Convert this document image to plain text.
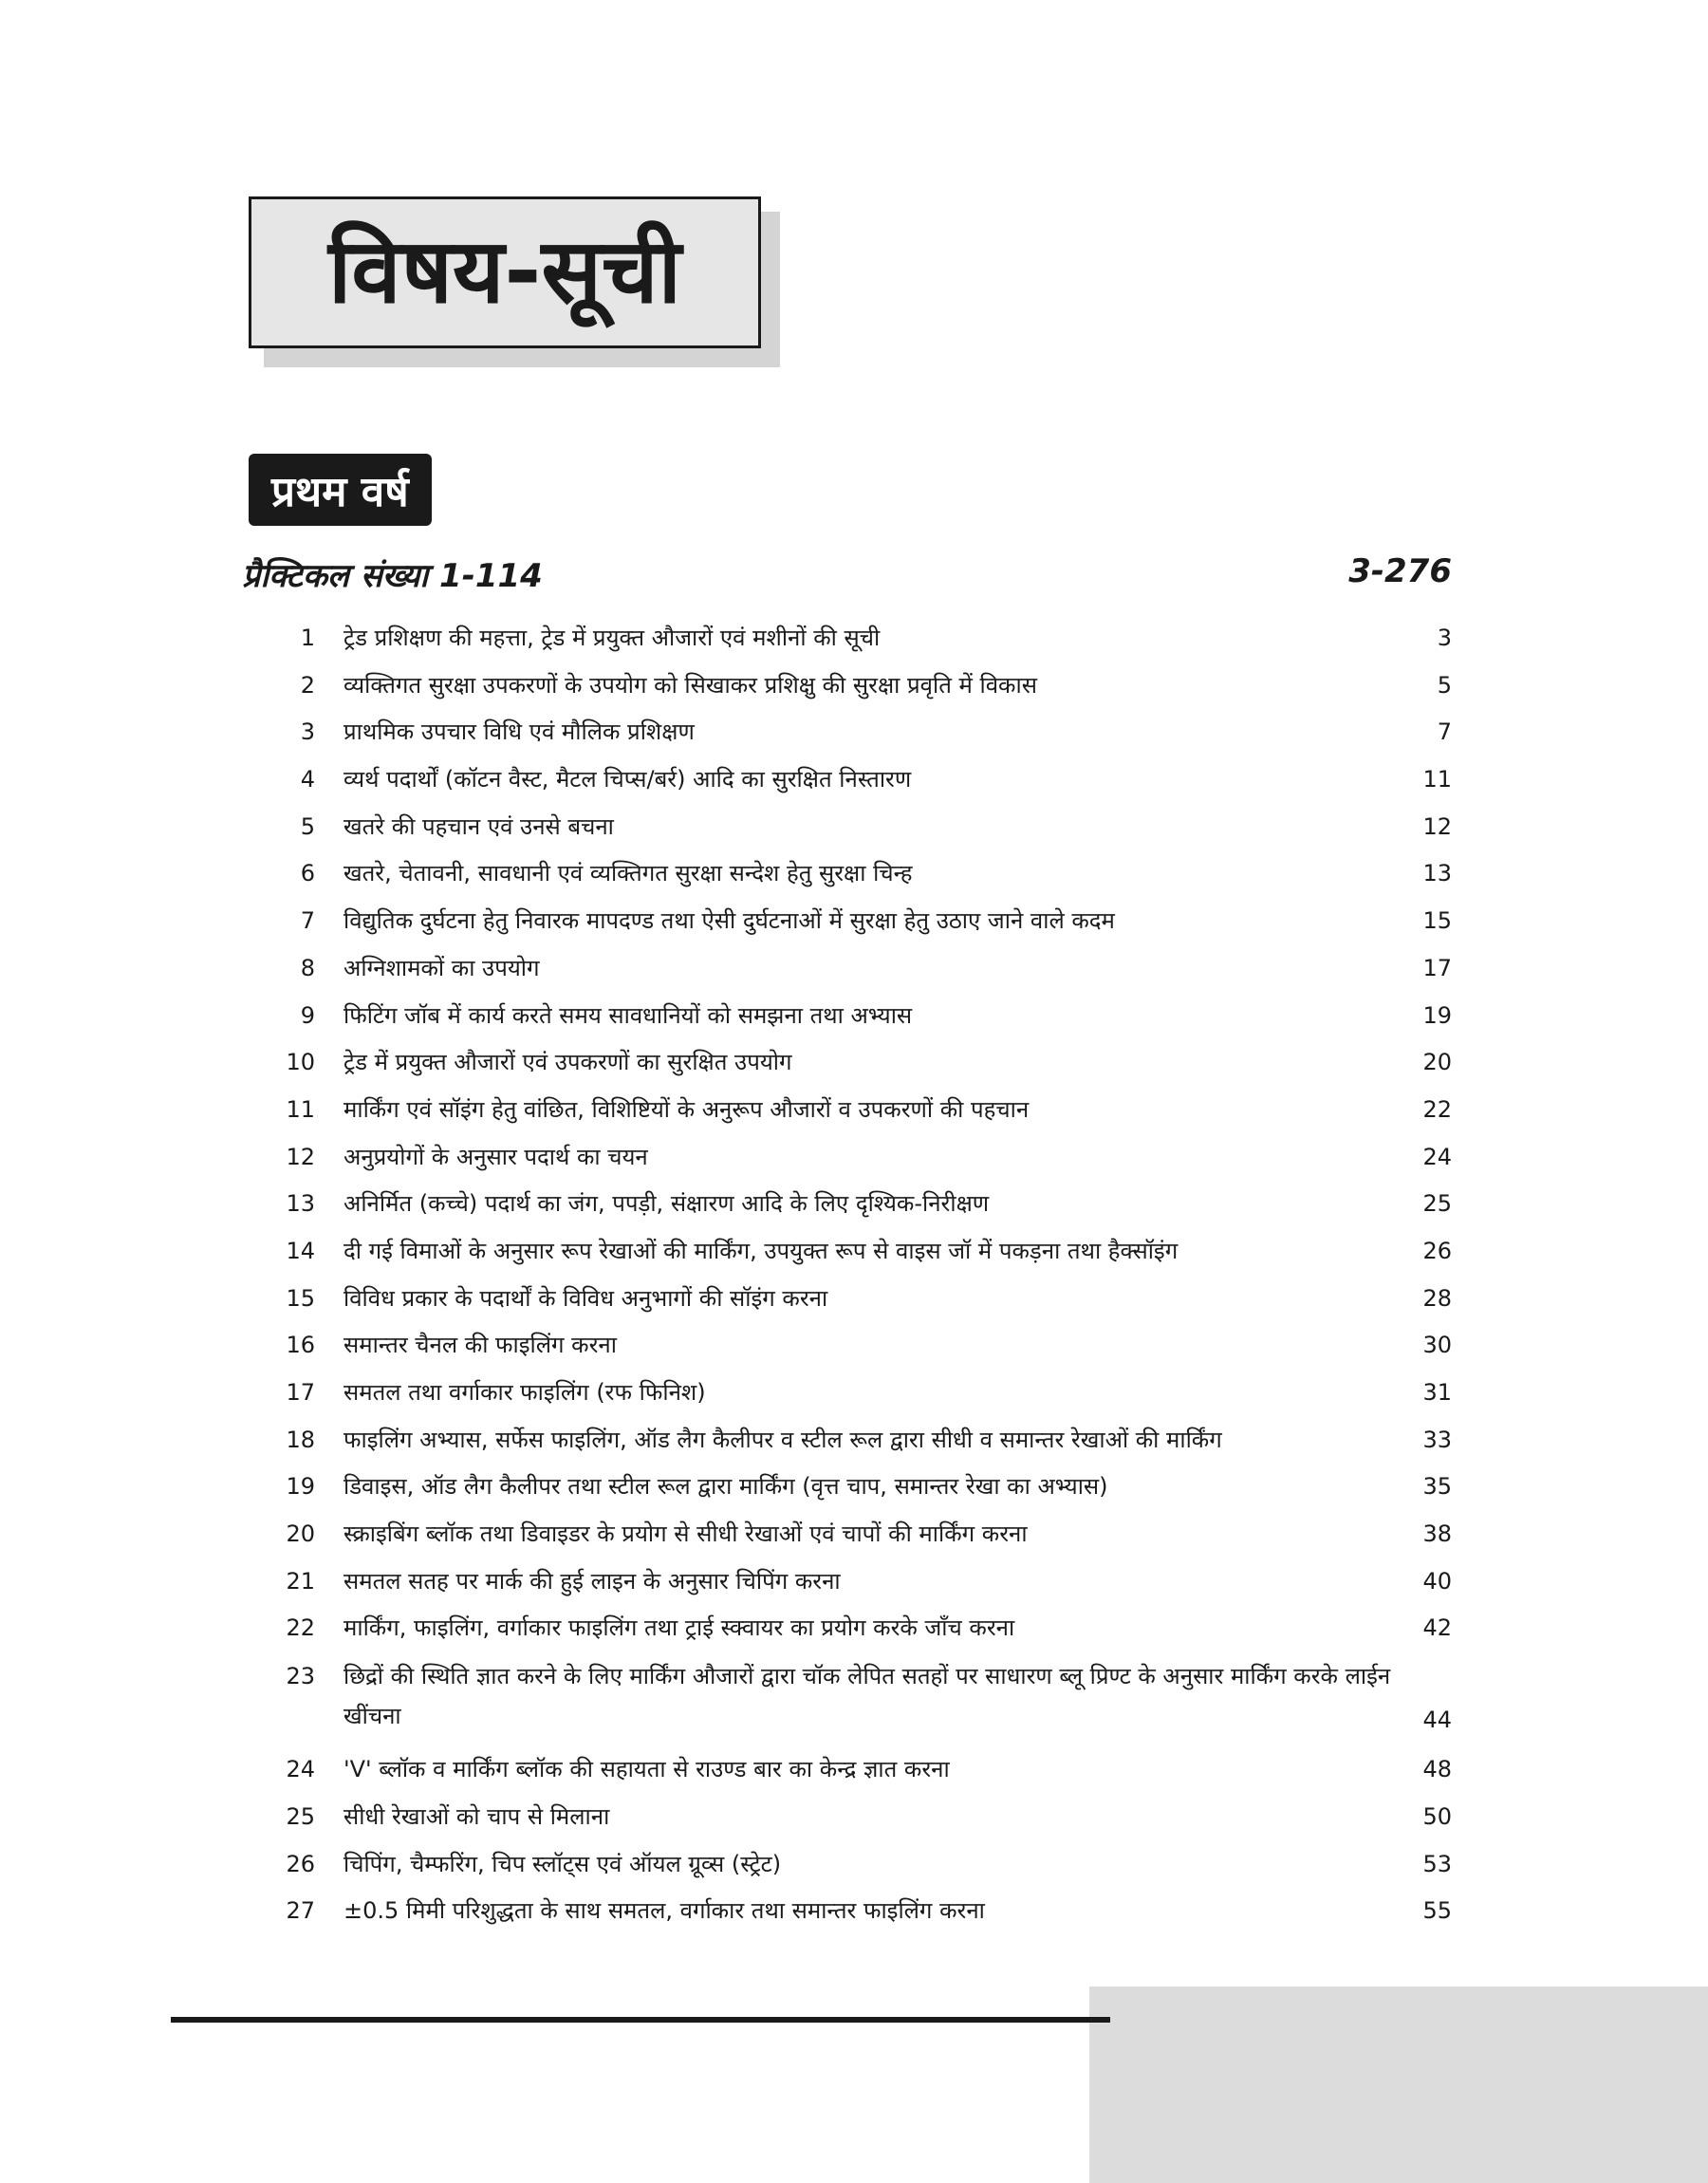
विषय-सूची
प्रथम वर्ष
प्रैक्टिकल संख्या 1-114	3-276
1 ट्रेड प्रशिक्षण की महत्ता, ट्रेड में प्रयुक्त औजारों एवं मशीनों की सूची	3
2 व्यक्तिगत सुरक्षा उपकरणों के उपयोग को सिखाकर प्रशिक्षु की सुरक्षा प्रवृति में विकास	5
3 प्राथमिक उपचार विधि एवं मौलिक प्रशिक्षण	7
4 व्यर्थ पदार्थों (कॉटन वैस्ट, मैटल चिप्स/बर्र) आदि का सुरक्षित निस्तारण	11
5 खतरे की पहचान एवं उनसे बचना	12
6 खतरे, चेतावनी, सावधानी एवं व्यक्तिगत सुरक्षा सन्देश हेतु सुरक्षा चिन्ह	13
7 विद्युतिक दुर्घटना हेतु निवारक मापदण्ड तथा ऐसी दुर्घटनाओं में सुरक्षा हेतु उठाए जाने वाले कदम	15
8 अग्निशामकों का उपयोग	17
9 फिटिंग जॉब में कार्य करते समय सावधानियों को समझना तथा अभ्यास	19
10 ट्रेड में प्रयुक्त औजारों एवं उपकरणों का सुरक्षित उपयोग	20
11 मार्किंग एवं सॉइंग हेतु वांछित, विशिष्टियों के अनुरूप औजारों व उपकरणों की पहचान	22
12 अनुप्रयोगों के अनुसार पदार्थ का चयन	24
13 अनिर्मित (कच्चे) पदार्थ का जंग, पपड़ी, संक्षारण आदि के लिए दृश्यिक-निरीक्षण	25
14 दी गई विमाओं के अनुसार रूप रेखाओं की मार्किंग, उपयुक्त रूप से वाइस जॉ में पकड़ना तथा हैक्सॉइंग	26
15 विविध प्रकार के पदार्थों के विविध अनुभागों की सॉइंग करना	28
16 समान्तर चैनल की फाइलिंग करना	30
17 समतल तथा वर्गाकार फाइलिंग (रफ फिनिश)	31
18 फाइलिंग अभ्यास, सर्फेस फाइलिंग, ऑड लैग कैलीपर व स्टील रूल द्वारा सीधी व समान्तर रेखाओं की मार्किंग	33
19 डिवाइस, ऑड लैग कैलीपर तथा स्टील रूल द्वारा मार्किंग (वृत्त चाप, समान्तर रेखा का अभ्यास)	35
20 स्क्राइबिंग ब्लॉक तथा डिवाइडर के प्रयोग से सीधी रेखाओं एवं चापों की मार्किंग करना	38
21 समतल सतह पर मार्क की हुई लाइन के अनुसार चिपिंग करना	40
22 मार्किंग, फाइलिंग, वर्गाकार फाइलिंग तथा ट्राई स्क्वायर का प्रयोग करके जाँच करना	42
23 छिद्रों की स्थिति ज्ञात करने के लिए मार्किंग औजारों द्वारा चॉक लेपित सतहों पर साधारण ब्लू प्रिण्ट के अनुसार मार्किंग करके लाईन खींचना	44
24 'V' ब्लॉक व मार्किंग ब्लॉक की सहायता से राउण्ड बार का केन्द्र ज्ञात करना	48
25 सीधी रेखाओं को चाप से मिलाना	50
26 चिपिंग, चैम्फरिंग, चिप स्लॉट्स एवं ऑयल ग्रूव्स (स्ट्रेट)	53
27 ±0.5 मिमी परिशुद्धता के साथ समतल, वर्गाकार तथा समान्तर फाइलिंग करना	55
